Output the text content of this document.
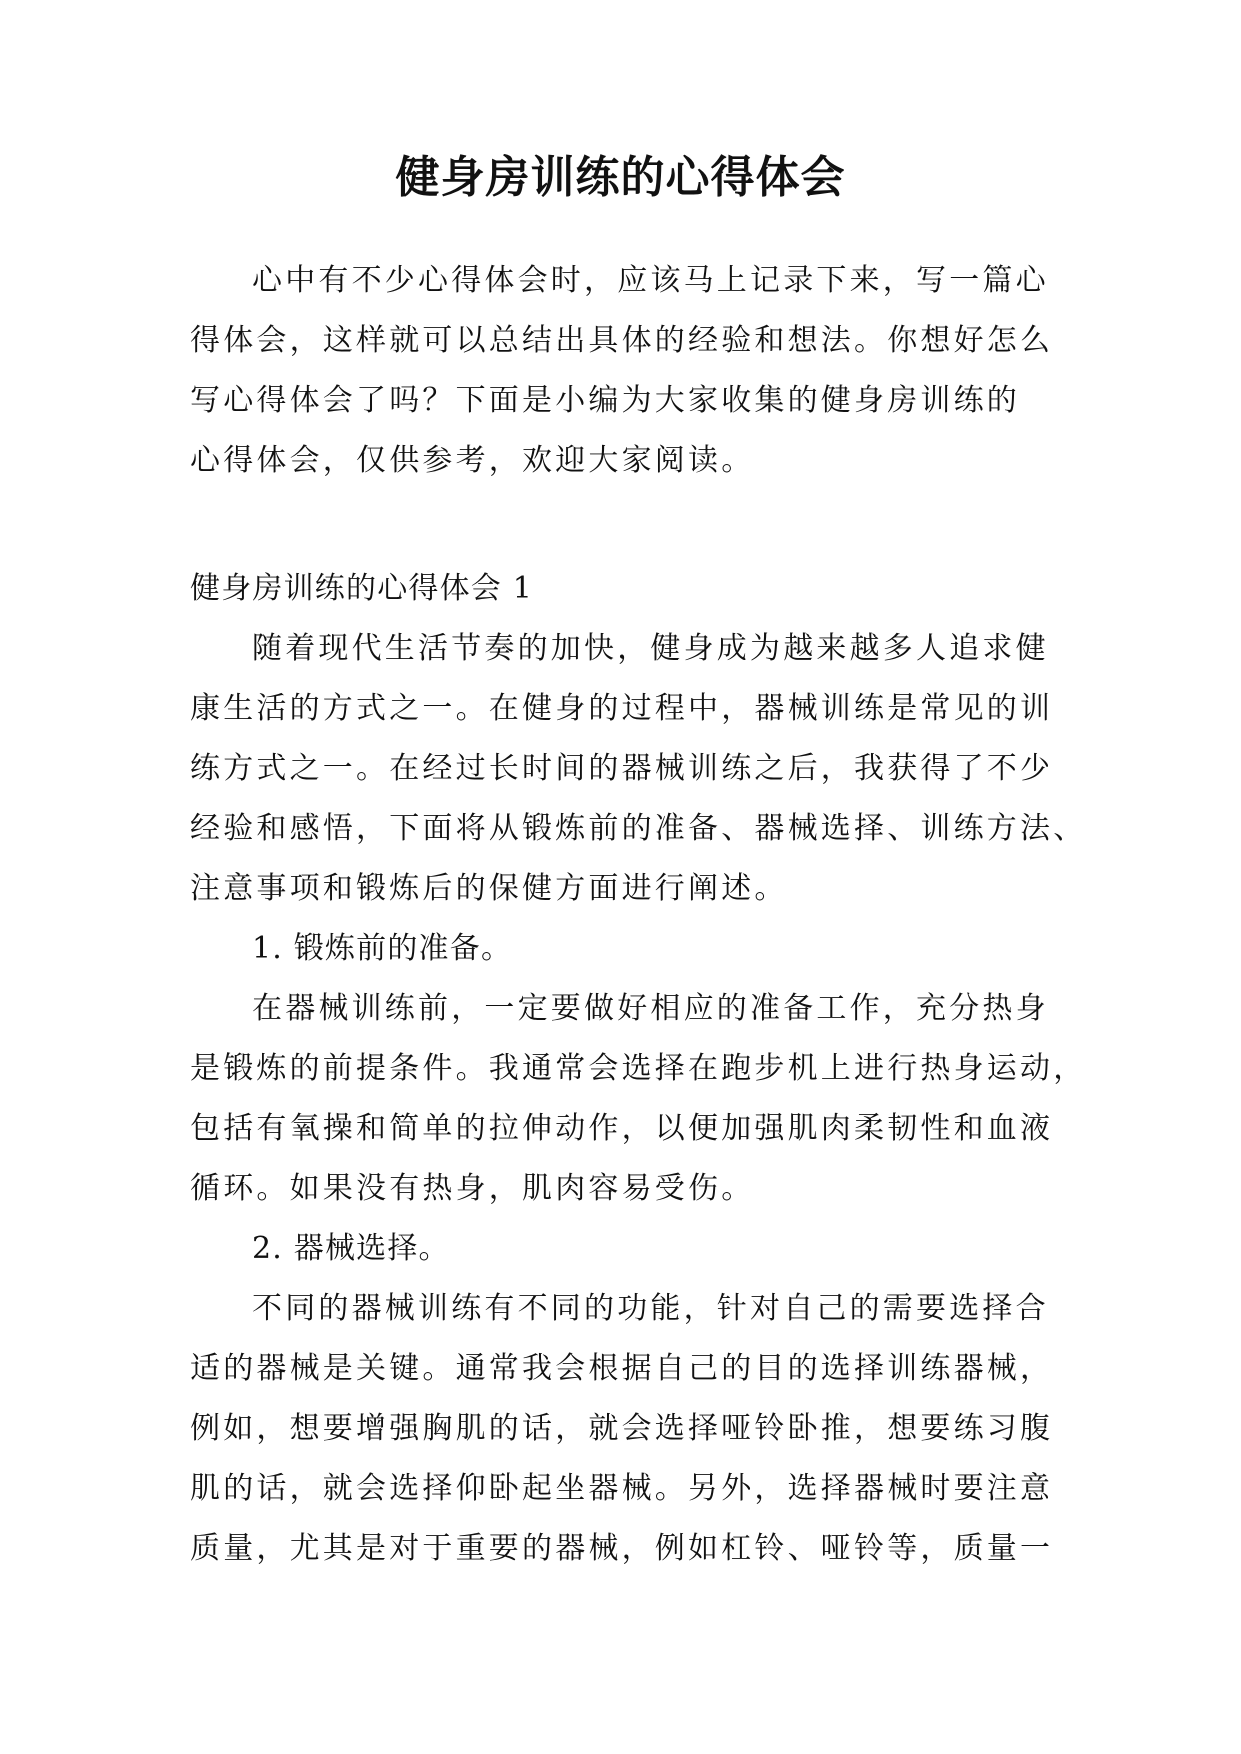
健身房训练的心得体会
心中有不少心得体会时，应该马上记录下来，写一篇心
得体会，这样就可以总结出具体的经验和想法。你想好怎么
写心得体会了吗？下面是小编为大家收集的健身房训练的
心得体会，仅供参考，欢迎大家阅读。
健身房训练的心得体会 1
随着现代生活节奏的加快，健身成为越来越多人追求健
康生活的方式之一。在健身的过程中，器械训练是常见的训
练方式之一。在经过长时间的器械训练之后，我获得了不少
经验和感悟，下面将从锻炼前的准备、器械选择、训练方法、
注意事项和锻炼后的保健方面进行阐述。
1. 锻炼前的准备。
在器械训练前，一定要做好相应的准备工作，充分热身
是锻炼的前提条件。我通常会选择在跑步机上进行热身运动，
包括有氧操和简单的拉伸动作，以便加强肌肉柔韧性和血液
循环。如果没有热身，肌肉容易受伤。
2. 器械选择。
不同的器械训练有不同的功能，针对自己的需要选择合
适的器械是关键。通常我会根据自己的目的选择训练器械，
例如，想要增强胸肌的话，就会选择哑铃卧推，想要练习腹
肌的话，就会选择仰卧起坐器械。另外，选择器械时要注意
质量，尤其是对于重要的器械，例如杠铃、哑铃等，质量一
